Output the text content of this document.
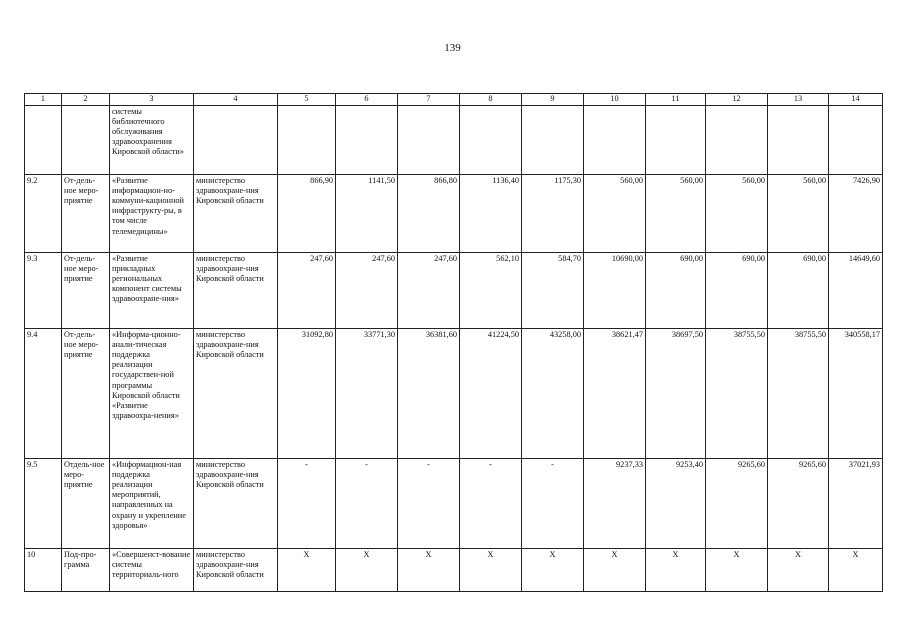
139
1	2	3	4	5	6	7	8	9	10	11	12	13	14
		системы библиотечного обслуживания здравоохранения Кировской области»											
9.2	От-дель-ное меро-приятие	«Развитие информацион-но-коммуни-кационной инфраструкту-ры, в том числе телемедицины»	министерство здравоохране-ния Кировской области	866,90	1141,50	866,80	1136,40	1175,30	560,00	560,00	560,00	560,00	7426,90
9.3	От-дель-ное меро-приятие	«Развитие прикладных региональных компонент системы здравоохране-ния»	министерство здравоохране-ния Кировской области	247,60	247,60	247,60	562,10	584,70	10690,00	690,00	690,00	690,00	14649,60
9.4	От-дель-ное меро-приятие	«Информа-ционно-анали-тическая поддержка реализации государствен-ной программы Кировской области «Развитие здравоохра-нения»	министерство здравоохране-ния Кировской области	31092,80	33771,30	36381,60	41224,50	43258,00	38621,47	38697,50	38755,50	38755,50	340558,17
9.5	Отдель-ное меро-приятие	«Информацион-ная поддержка реализации мероприятий, направленных на охрану и укрепление здоровья»	министерство здравоохране-ния Кировской области	-	-	-	-	-	9237,33	9253,40	9265,60	9265,60	37021,93
10	Под-про-грамма	«Совершенст-вование системы территориаль-ного	министерство здравоохране-ния Кировской области	X	X	X	X	X	X	X	X	X	X
